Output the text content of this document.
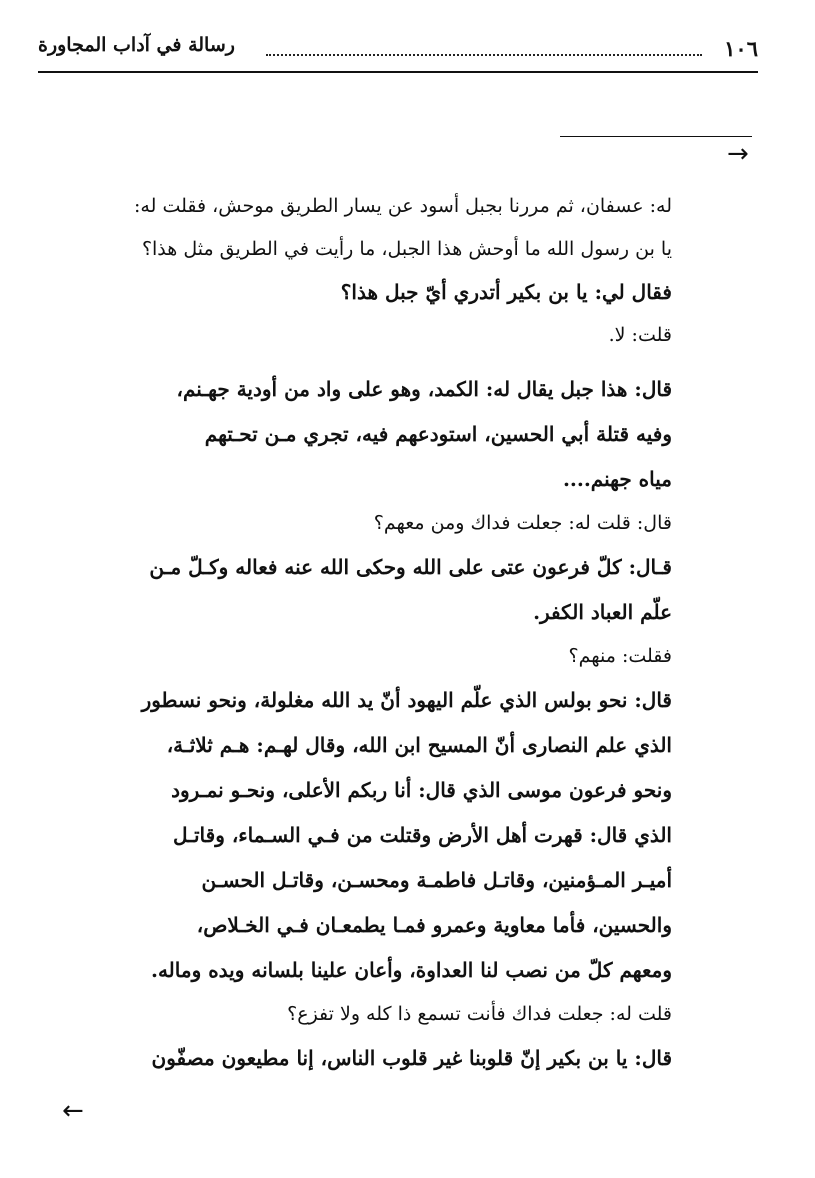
١٠٦
رسالة في آداب المجاورة
→
له: عسفان، ثم مررنا بجبل أسود عن يسار الطريق موحش، فقلت له:
يا بن رسول الله ما أوحش هذا الجبل، ما رأيت في الطريق مثل هذا؟
فقال لي: يا بن بكير أتدري أيّ جبل هذا؟
قلت: لا.
قال: هذا جبل يقال له: الكمد، وهو على واد من أودية جهـنم،
وفيه قتلة أبي الحسين، استودعهم فيه، تجري مـن تحـتهم
مياه جهنم....
قال: قلت له: جعلت فداك ومن معهم؟
قـال: كلّ فرعون عتى على الله وحكى الله عنه فعاله وكـلّ مـن
علّم العباد الكفر.
فقلت: منهم؟
قال: نحو بولس الذي علّم اليهود أنّ يد الله مغلولة، ونحو نسطور
الذي علم النصارى أنّ المسيح ابن الله، وقال لهـم: هـم ثلاثـة،
ونحو فرعون موسى الذي قال: أنا ربكم الأعلى، ونحـو نمـرود
الذي قال: قهرت أهل الأرض وقتلت من فـي السـماء، وقاتـل
أميـر المـؤمنين، وقاتـل فاطمـة ومحسـن، وقاتـل الحسـن
والحسين، فأما معاوية وعمرو فمـا يطمعـان فـي الخـلاص،
ومعهم كلّ من نصب لنا العداوة، وأعان علينا بلسانه ويده وماله.
قلت له: جعلت فداك فأنت تسمع ذا كله ولا تفزع؟
قال: يا بن بكير إنّ قلوبنا غير قلوب الناس، إنا مطيعون مصفّون
←
